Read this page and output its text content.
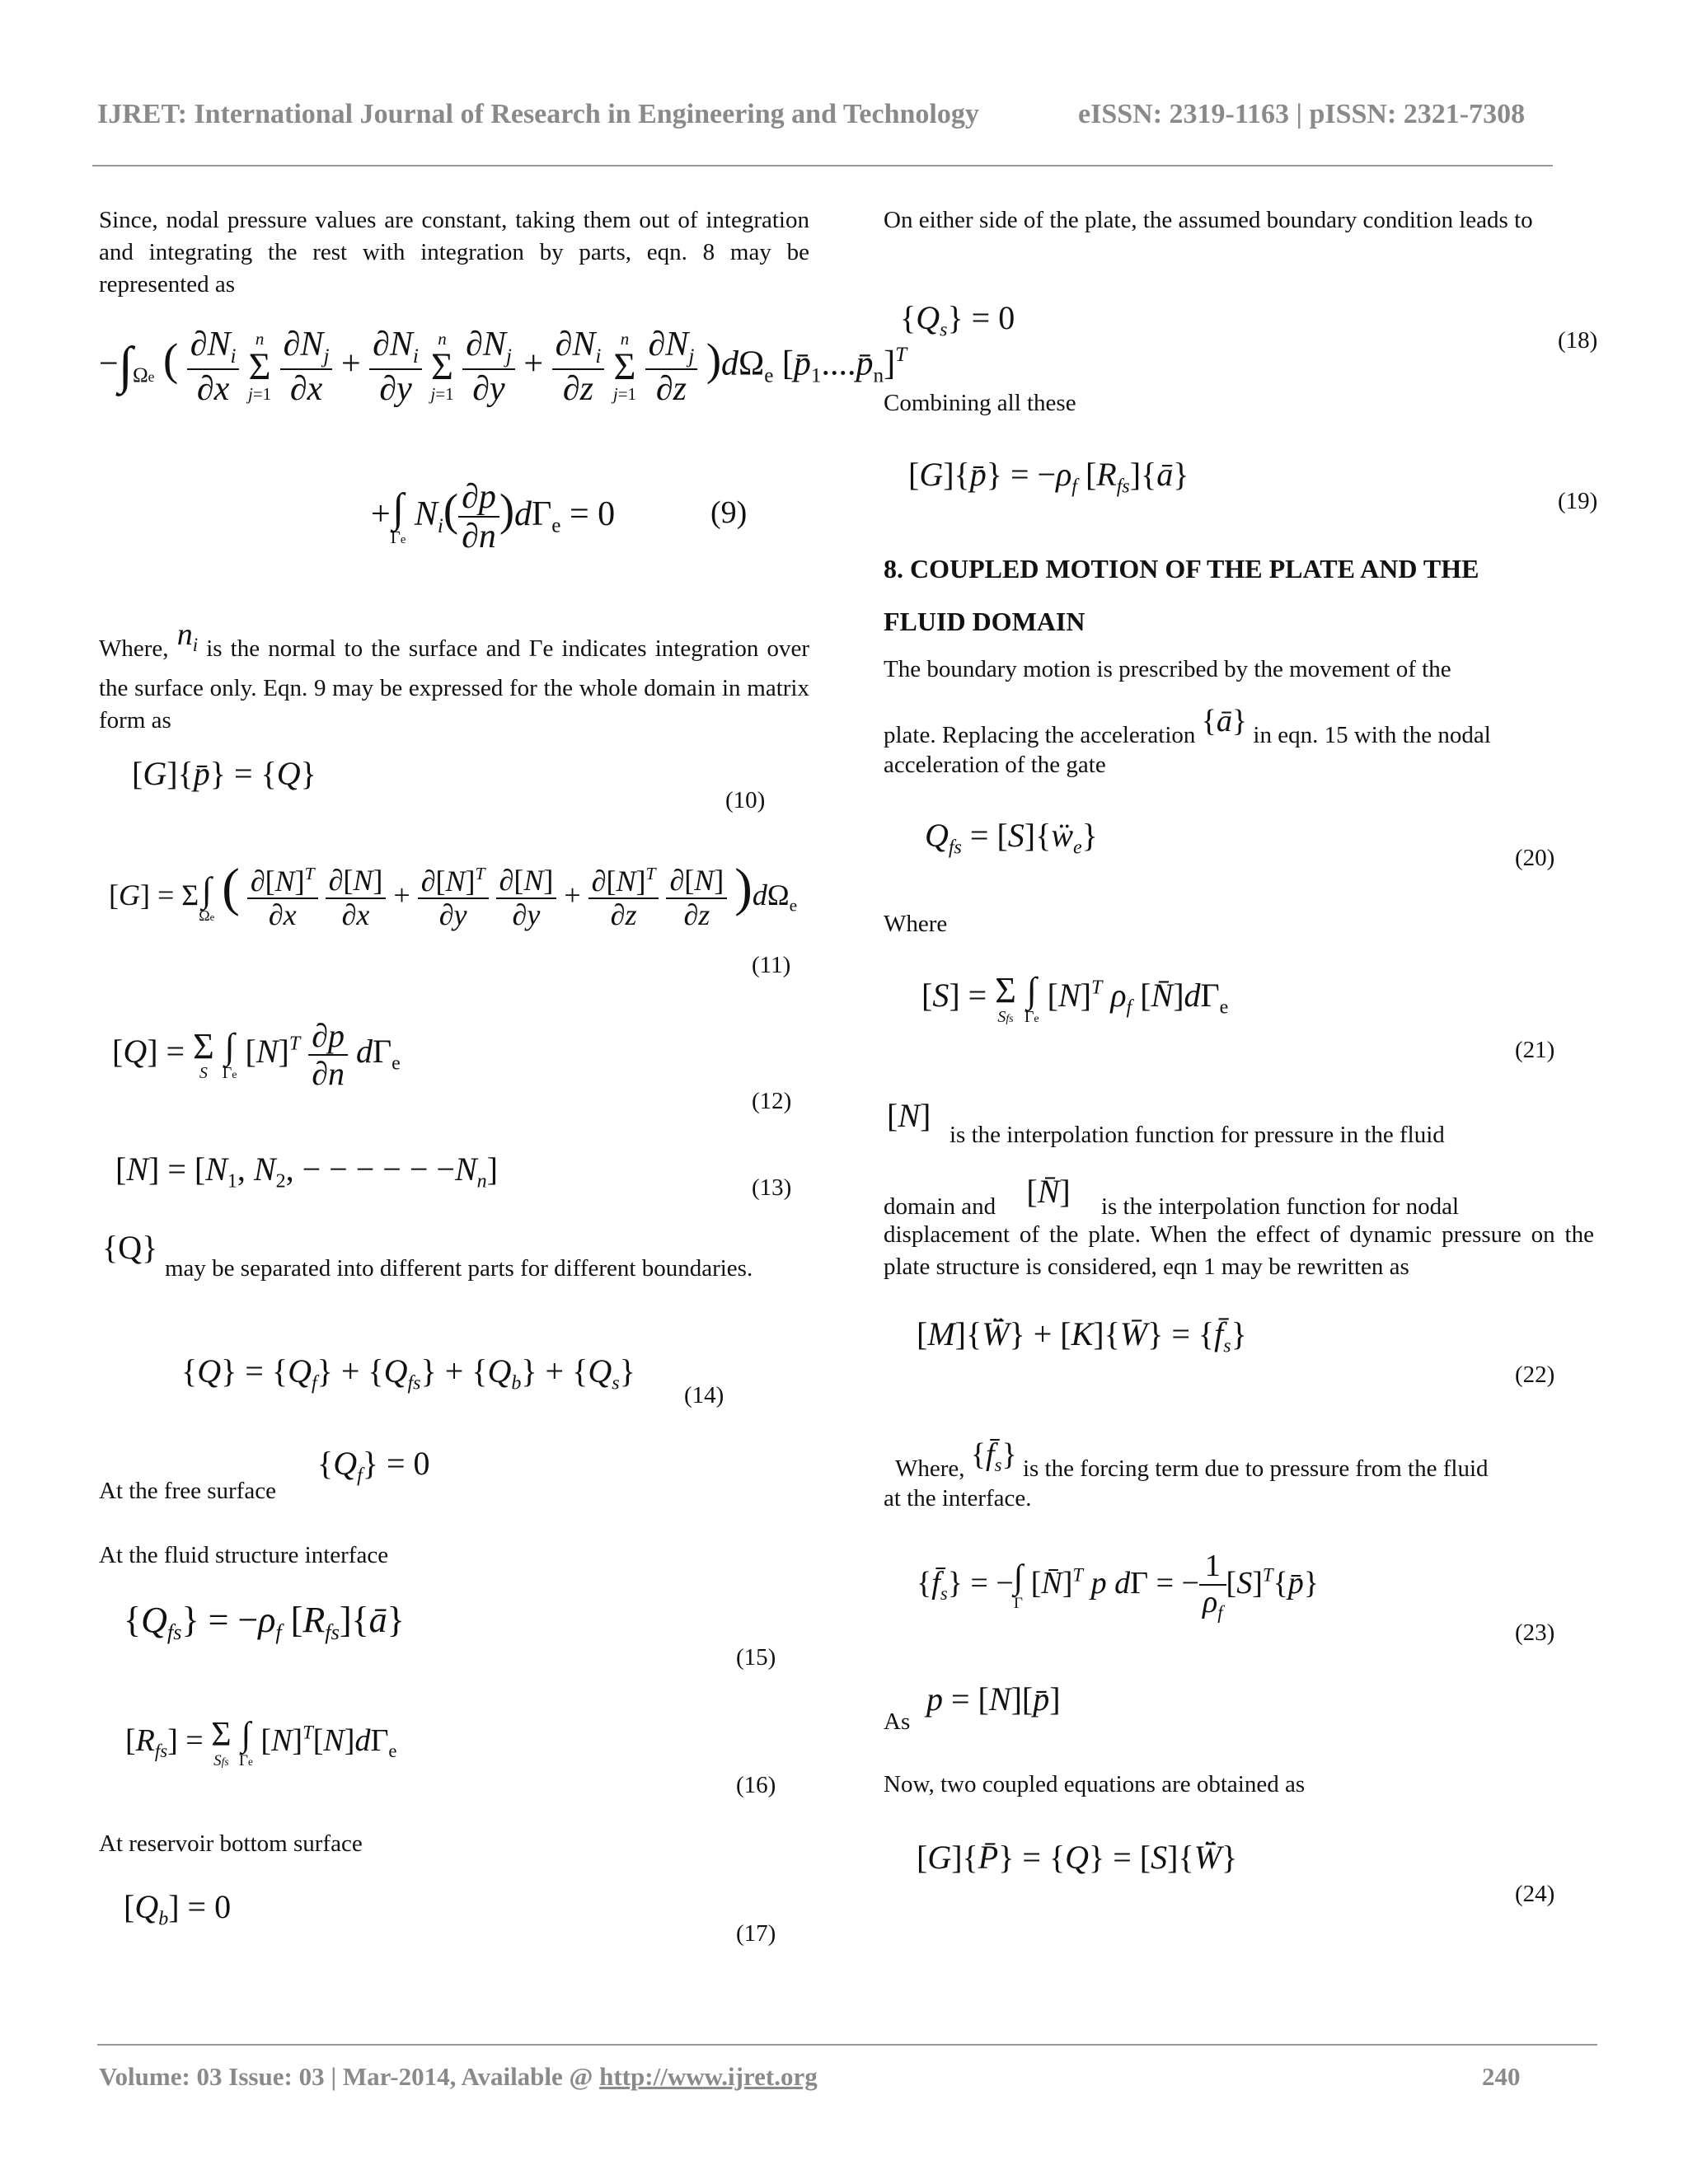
IJRET: International Journal of Research in Engineering and Technology	eISSN: 2319-1163 | pISSN: 2321-7308
Since, nodal pressure values are constant, taking them out of integration and integrating the rest with integration by parts, eqn. 8 may be represented as
$-\int_{\Omega e}$ ( $\frac{\partial N_i}{\partial x}$
n
Σ
j=1
$\frac{\partial N_j}{\partial x} + \frac{\partial N_i}{\partial y}$
n
Σ
j=1
$\frac{\partial N_j}{\partial y} + \frac{\partial N_i}{\partial z}$
n
Σ
j=1
$\frac{\partial N_j}{\partial z} )d\Omega_e$ $[p̄_1....p̄_n]^T$
+∫
Γe
$N_i( \frac{\partial p}{\partial n} )d\Gamma_e = 0$	(9)
Where, $n_i$ is the normal to the surface and Γe indicates integration over the surface only. Eqn. 9 may be expressed for the whole domain in matrix form as
[G]{p̄} = {Q}
(10)
[G] = Σ∫
Ωe
( $\frac{\partial[N]^T}{\partial x}$
$\frac{\partial[N]}{\partial x} + \frac{\partial[N]^T}{\partial y}$
$\frac{\partial[N]}{\partial y} + \frac{\partial[N]^T}{\partial z}$
$\frac{\partial[N]}{\partial z} )d\Omega_e$
(11)
[Q] = Σ
S
∫
Γe
$[N]^T \frac{\partial p}{\partial n} d\Gamma_e$
(12)
$[N] = [N_1$, $N_2$, − − − − − $-N_n$]	(13)
{Q}
may be separated into different parts for different boundaries.
$\{Q\} = \{Q_f\} + \{Q_{fs}\} + \{Q_b\} + \{Q_s\}$
(14)
At the free surface
$\{Q_f\} = 0$
At the fluid structure interface
$\{Q_{fs}\} = -\rho_f$ $[R_{fs}]\{ā\}$
(15)
$[R_{fs}] = \Sigma$
Sfs
∫
Γe
$[N]^T[N]d\Gamma_e$
(16)
At reservoir bottom surface
$[Q_b] = 0$
(17)
On either side of the plate, the assumed boundary condition leads to
$\{Q_s\} = 0$
(18)
Combining all these
[G]{p̄} = $-\rho_f$ $[R_{fs}]\{ā\}$
(19)
8. COUPLED MOTION OF THE PLATE AND THE
FLUID DOMAIN
The boundary motion is prescribed by the movement of the
plate. Replacing the acceleration {ā} in eqn. 15 with the nodal
acceleration of the gate
$Q_{fs}$ = [S]{ẅ$_e$}
(20)
Where
[S] = Σ
Sfs
∫
Γe
$[N]^T$ $\rho_f$ $[N̄]d\Gamma_e$
(21)
[N]
is the interpolation function for pressure in the fluid
domain and [N̄] is the interpolation function for nodal
displacement of the plate. When the effect of dynamic pressure on the plate structure is considered, eqn 1 may be rewritten as
[M]{W̄̈} + [K]{W̄} = $\{f̄_s\}$
(22)
Where, $\{f̄_s\}$ is the forcing term due to pressure from the fluid
at the interface.
$\{f̄_s\}$ = −∫
Γ
[N̄]$^T$ p dΓ = − $\frac{1}{\rho_f}$ $[S]^T\{p̄\}$
(23)
As
p = [N][p̄]
Now, two coupled equations are obtained as
[G]{P̄} = {Q} = [S]{W̄̈}
(24)
Volume: 03 Issue: 03 | Mar-2014, Available @ http://www.ijret.org	240
